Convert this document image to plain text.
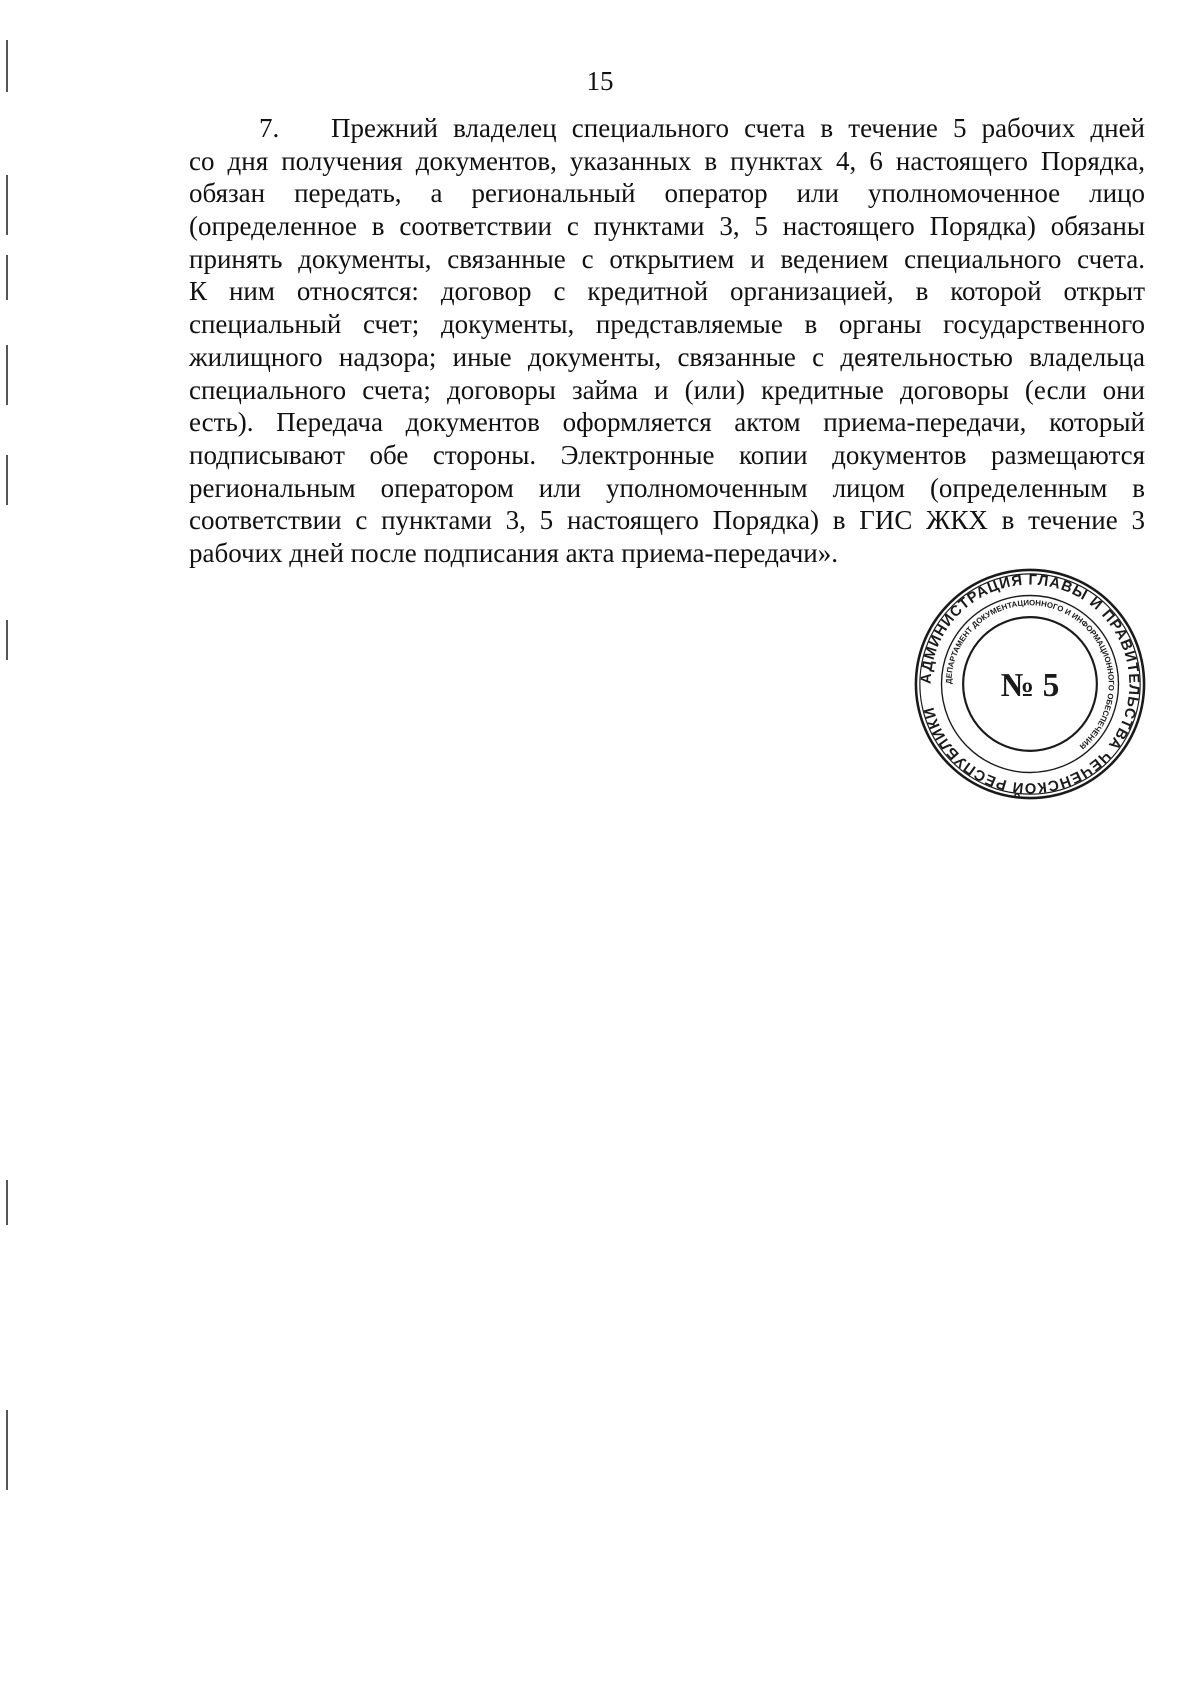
15
7. Прежний владелец специального счета в течение 5 рабочих дней
со дня получения документов, указанных в пунктах 4, 6 настоящего Порядка,
обязан передать, а региональный оператор или уполномоченное лицо
(определенное в соответствии с пунктами 3, 5 настоящего Порядка) обязаны
принять документы, связанные с открытием и ведением специального счета.
К ним относятся: договор с кредитной организацией, в которой открыт
специальный счет; документы, представляемые в органы государственного
жилищного надзора; иные документы, связанные с деятельностью владельца
специального счета; договоры займа и (или) кредитные договоры (если они
есть). Передача документов оформляется актом приема-передачи, который
подписывают обе стороны. Электронные копии документов размещаются
региональным оператором или уполномоченным лицом (определенным в
соответствии с пунктами 3, 5 настоящего Порядка) в ГИС ЖКХ в течение 3
рабочих дней после подписания акта приема-передачи».
АДМИНИСТРАЦИЯ ГЛАВЫ И ПРАВИТЕЛЬСТВА ЧЕЧЕНСКОЙ РЕСПУБЛИКИ
ДЕПАРТАМЕНТ ДОКУМЕНТАЦИОННОГО И ИНФОРМАЦИОННОГО ОБЕСПЕЧЕНИЯ
№ 5
